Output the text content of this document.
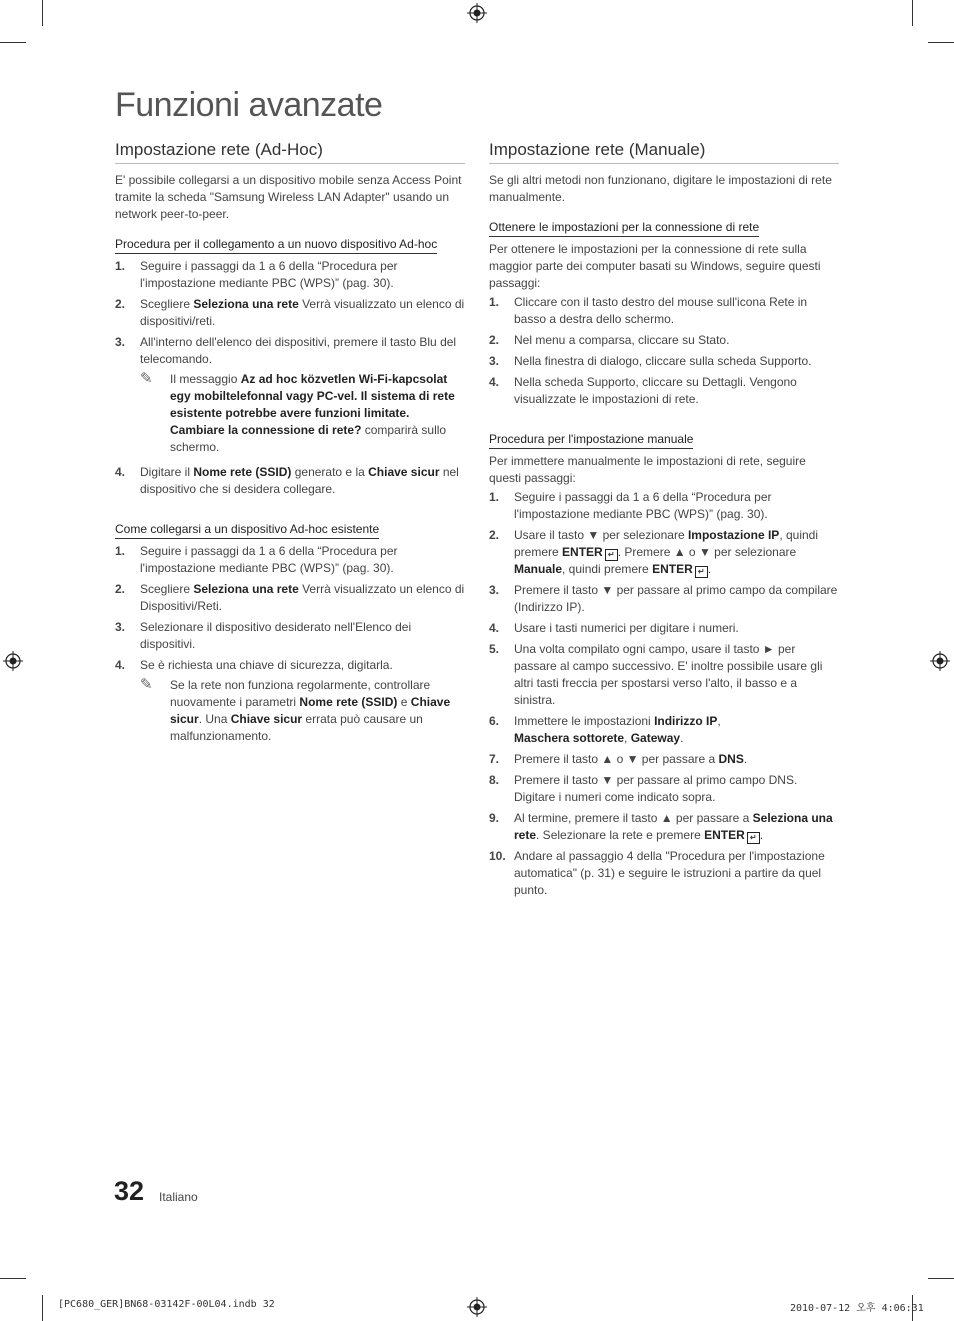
Funzioni avanzate
Impostazione rete (Ad-Hoc)

E' possibile collegarsi a un dispositivo mobile senza Access Point tramite la scheda "Samsung Wireless LAN Adapter" usando un network peer-to-peer.

Procedura per il collegamento a un nuovo dispositivo Ad-hoc
1. Seguire i passaggi da 1 a 6 della “Procedura per l'impostazione mediante PBC (WPS)” (pag. 30).
2. Scegliere Seleziona una rete Verrà visualizzato un elenco di dispositivi/reti.
3. All'interno dell'elenco dei dispositivi, premere il tasto Blu del telecomando.
✎ Il messaggio Az ad hoc közvetlen Wi-Fi-kapcsolat egy mobiltelefonnal vagy PC-vel. Il sistema di rete esistente potrebbe avere funzioni limitate. Cambiare la connessione di rete? comparirà sullo schermo.
4. Digitare il Nome rete (SSID) generato e la Chiave sicur nel dispositivo che si desidera collegare.
Come collegarsi a un dispositivo Ad-hoc esistente
1. Seguire i passaggi da 1 a 6 della “Procedura per l'impostazione mediante PBC (WPS)” (pag. 30).
2. Scegliere Seleziona una rete Verrà visualizzato un elenco di Dispositivi/Reti.
3. Selezionare il dispositivo desiderato nell'Elenco dei dispositivi.
4. Se è richiesta una chiave di sicurezza, digitarla.
✎ Se la rete non funziona regolarmente, controllare nuovamente i parametri Nome rete (SSID) e Chiave sicur. Una Chiave sicur errata può causare un malfunzionamento.
Impostazione rete (Manuale)

Se gli altri metodi non funzionano, digitare le impostazioni di rete manualmente.

Ottenere le impostazioni per la connessione di rete

Per ottenere le impostazioni per la connessione di rete sulla maggior parte dei computer basati su Windows, seguire questi passaggi:

1. Cliccare con il tasto destro del mouse sull'icona Rete in basso a destra dello schermo.
2. Nel menu a comparsa, cliccare su Stato.
3. Nella finestra di dialogo, cliccare sulla scheda Supporto.
4. Nella scheda Supporto, cliccare su Dettagli. Vengono visualizzate le impostazioni di rete.
Procedura per l'impostazione manuale

Per immettere manualmente le impostazioni di rete, seguire questi passaggi:

1. Seguire i passaggi da 1 a 6 della “Procedura per l'impostazione mediante PBC (WPS)” (pag. 30).
2. Usare il tasto ▼ per selezionare Impostazione IP, quindi premere ENTER ↵ . Premere ▲ o ▼ per selezionare Manuale, quindi premere ENTER ↵ .
3. Premere il tasto ▼ per passare al primo campo da compilare (Indirizzo IP).
4. Usare i tasti numerici per digitare i numeri.
5. Una volta compilato ogni campo, usare il tasto ► per passare al campo successivo. E' inoltre possibile usare gli altri tasti freccia per spostarsi verso l'alto, il basso e a sinistra.
6. Immettere le impostazioni Indirizzo IP,
Maschera sottorete, Gateway.
7. Premere il tasto ▲ o ▼ per passare a DNS.
8. Premere il tasto ▼ per passare al primo campo DNS. Digitare i numeri come indicato sopra.
9. Al termine, premere il tasto ▲ per passare a Seleziona una rete. Selezionare la rete e premere ENTER ↵ .
10. Andare al passaggio 4 della "Procedura per l'impostazione automatica" (p. 31) e seguire le istruzioni a partire da quel punto.
32 Italiano
[PC680_GER]BN68-03142F-00L04.indb 32	2010-07-12 오후 4:06:31
